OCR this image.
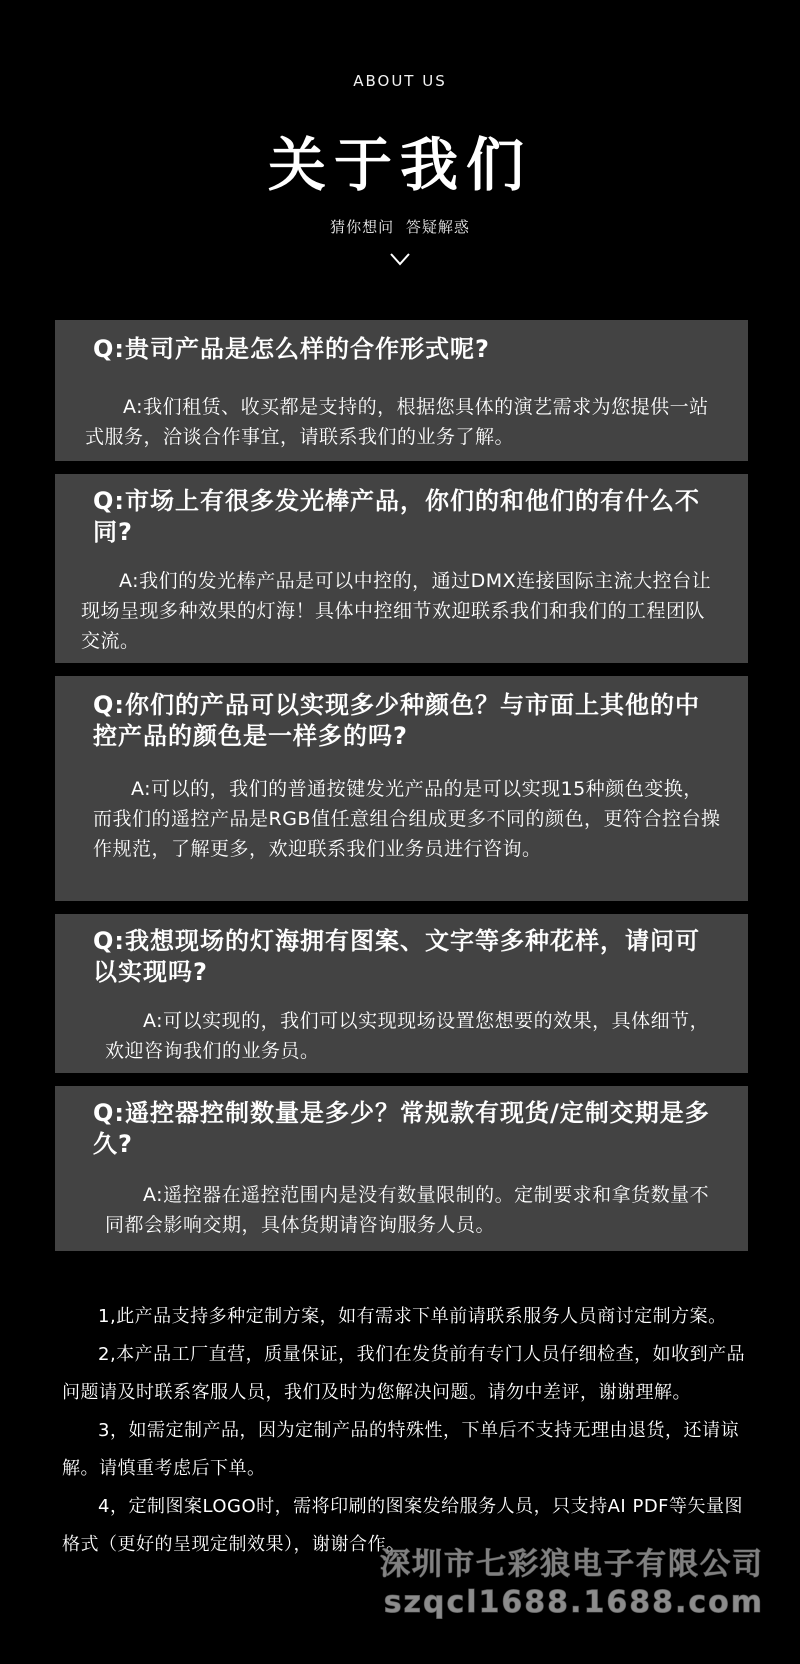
ABOUT US
关于我们
猜你想问 答疑解惑
Q:贵司产品是怎么样的合作形式呢?
A:我们租赁、收买都是支持的，根据您具体的演艺需求为您提供一站式服务，洽谈合作事宜，请联系我们的业务了解。
Q:市场上有很多发光棒产品，你们的和他们的有什么不同?
A:我们的发光棒产品是可以中控的，通过DMX连接国际主流大控台让现场呈现多种效果的灯海！具体中控细节欢迎联系我们和我们的工程团队交流。
Q:你们的产品可以实现多少种颜色？与市面上其他的中控产品的颜色是一样多的吗?
A:可以的，我们的普通按键发光产品的是可以实现15种颜色变换，而我们的遥控产品是RGB值任意组合组成更多不同的颜色，更符合控台操作规范，了解更多，欢迎联系我们业务员进行咨询。
Q:我想现场的灯海拥有图案、文字等多种花样，请问可以实现吗?
A:可以实现的，我们可以实现现场设置您想要的效果，具体细节，欢迎咨询我们的业务员。
Q:遥控器控制数量是多少？常规款有现货/定制交期是多久?
A:遥控器在遥控范围内是没有数量限制的。定制要求和拿货数量不同都会影响交期，具体货期请咨询服务人员。

1,此产品支持多种定制方案，如有需求下单前请联系服务人员商讨定制方案。

2,本产品工厂直营，质量保证，我们在发货前有专门人员仔细检查，如收到产品问题请及时联系客服人员，我们及时为您解决问题。请勿中差评，谢谢理解。

3，如需定制产品，因为定制产品的特殊性，下单后不支持无理由退货，还请谅解。请慎重考虑后下单。

4，定制图案LOGO时，需将印刷的图案发给服务人员，只支持AI PDF等矢量图格式（更好的呈现定制效果），谢谢合作。

深圳市七彩狼电子有限公司
szqcl1688.1688.com
